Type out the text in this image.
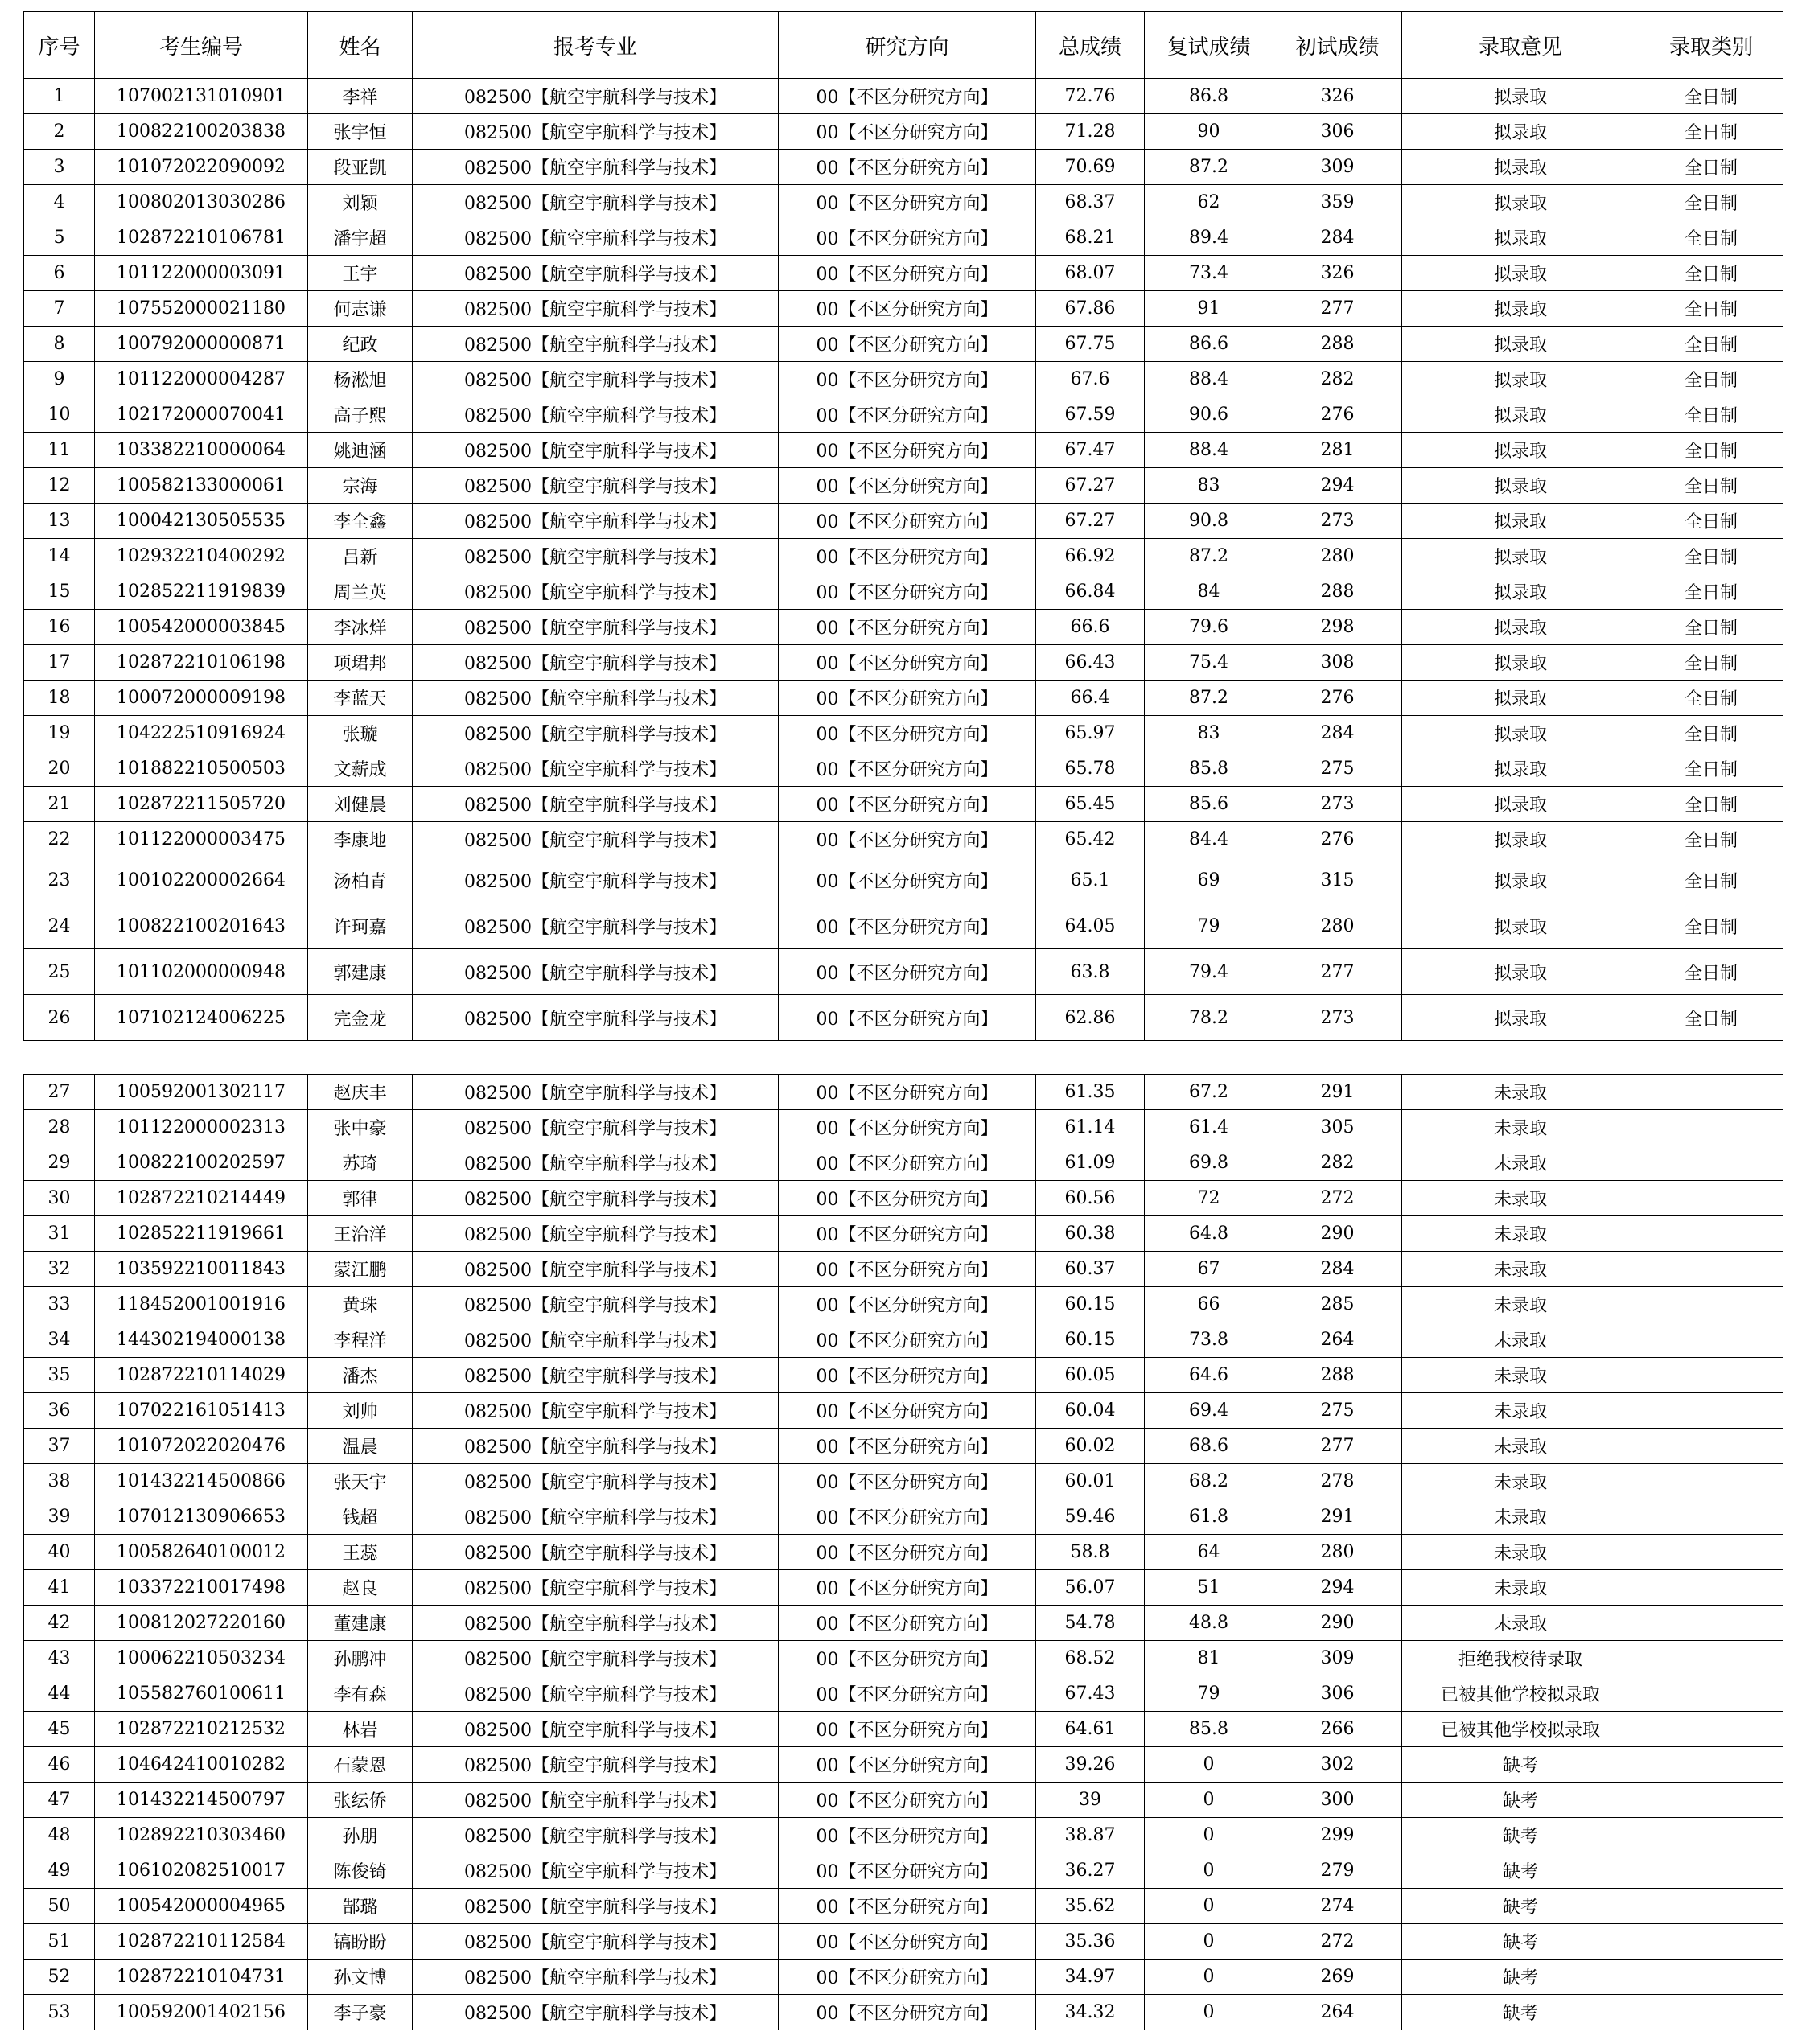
序号	考生编号	姓名	报考专业	研究方向	总成绩	复试成绩	初试成绩	录取意见	录取类别
1	107002131010901	李祥	082500【航空宇航科学与技术】	00【不区分研究方向】	72.76	86.8	326	拟录取	全日制
2	100822100203838	张宇恒	082500【航空宇航科学与技术】	00【不区分研究方向】	71.28	90	306	拟录取	全日制
3	101072022090092	段亚凯	082500【航空宇航科学与技术】	00【不区分研究方向】	70.69	87.2	309	拟录取	全日制
4	100802013030286	刘颖	082500【航空宇航科学与技术】	00【不区分研究方向】	68.37	62	359	拟录取	全日制
5	102872210106781	潘宇超	082500【航空宇航科学与技术】	00【不区分研究方向】	68.21	89.4	284	拟录取	全日制
6	101122000003091	王宇	082500【航空宇航科学与技术】	00【不区分研究方向】	68.07	73.4	326	拟录取	全日制
7	107552000021180	何志谦	082500【航空宇航科学与技术】	00【不区分研究方向】	67.86	91	277	拟录取	全日制
8	100792000000871	纪政	082500【航空宇航科学与技术】	00【不区分研究方向】	67.75	86.6	288	拟录取	全日制
9	101122000004287	杨淞旭	082500【航空宇航科学与技术】	00【不区分研究方向】	67.6	88.4	282	拟录取	全日制
10	102172000070041	高子熙	082500【航空宇航科学与技术】	00【不区分研究方向】	67.59	90.6	276	拟录取	全日制
11	103382210000064	姚迪涵	082500【航空宇航科学与技术】	00【不区分研究方向】	67.47	88.4	281	拟录取	全日制
12	100582133000061	宗海	082500【航空宇航科学与技术】	00【不区分研究方向】	67.27	83	294	拟录取	全日制
13	100042130505535	李全鑫	082500【航空宇航科学与技术】	00【不区分研究方向】	67.27	90.8	273	拟录取	全日制
14	102932210400292	吕新	082500【航空宇航科学与技术】	00【不区分研究方向】	66.92	87.2	280	拟录取	全日制
15	102852211919839	周兰英	082500【航空宇航科学与技术】	00【不区分研究方向】	66.84	84	288	拟录取	全日制
16	100542000003845	李冰烊	082500【航空宇航科学与技术】	00【不区分研究方向】	66.6	79.6	298	拟录取	全日制
17	102872210106198	项珺邦	082500【航空宇航科学与技术】	00【不区分研究方向】	66.43	75.4	308	拟录取	全日制
18	100072000009198	李蓝天	082500【航空宇航科学与技术】	00【不区分研究方向】	66.4	87.2	276	拟录取	全日制
19	104222510916924	张璇	082500【航空宇航科学与技术】	00【不区分研究方向】	65.97	83	284	拟录取	全日制
20	101882210500503	文薪成	082500【航空宇航科学与技术】	00【不区分研究方向】	65.78	85.8	275	拟录取	全日制
21	102872211505720	刘健晨	082500【航空宇航科学与技术】	00【不区分研究方向】	65.45	85.6	273	拟录取	全日制
22	101122000003475	李康地	082500【航空宇航科学与技术】	00【不区分研究方向】	65.42	84.4	276	拟录取	全日制
23	100102200002664	汤柏青	082500【航空宇航科学与技术】	00【不区分研究方向】	65.1	69	315	拟录取	全日制
24	100822100201643	许珂嘉	082500【航空宇航科学与技术】	00【不区分研究方向】	64.05	79	280	拟录取	全日制
25	101102000000948	郭建康	082500【航空宇航科学与技术】	00【不区分研究方向】	63.8	79.4	277	拟录取	全日制
26	107102124006225	完金龙	082500【航空宇航科学与技术】	00【不区分研究方向】	62.86	78.2	273	拟录取	全日制
27	100592001302117	赵庆丰	082500【航空宇航科学与技术】	00【不区分研究方向】	61.35	67.2	291	未录取	
28	101122000002313	张中豪	082500【航空宇航科学与技术】	00【不区分研究方向】	61.14	61.4	305	未录取	
29	100822100202597	苏琦	082500【航空宇航科学与技术】	00【不区分研究方向】	61.09	69.8	282	未录取	
30	102872210214449	郭律	082500【航空宇航科学与技术】	00【不区分研究方向】	60.56	72	272	未录取	
31	102852211919661	王治洋	082500【航空宇航科学与技术】	00【不区分研究方向】	60.38	64.8	290	未录取	
32	103592210011843	蒙江鹏	082500【航空宇航科学与技术】	00【不区分研究方向】	60.37	67	284	未录取	
33	118452001001916	黄珠	082500【航空宇航科学与技术】	00【不区分研究方向】	60.15	66	285	未录取	
34	144302194000138	李程洋	082500【航空宇航科学与技术】	00【不区分研究方向】	60.15	73.8	264	未录取	
35	102872210114029	潘杰	082500【航空宇航科学与技术】	00【不区分研究方向】	60.05	64.6	288	未录取	
36	107022161051413	刘帅	082500【航空宇航科学与技术】	00【不区分研究方向】	60.04	69.4	275	未录取	
37	101072022020476	温晨	082500【航空宇航科学与技术】	00【不区分研究方向】	60.02	68.6	277	未录取	
38	101432214500866	张天宇	082500【航空宇航科学与技术】	00【不区分研究方向】	60.01	68.2	278	未录取	
39	107012130906653	钱超	082500【航空宇航科学与技术】	00【不区分研究方向】	59.46	61.8	291	未录取	
40	100582640100012	王蕊	082500【航空宇航科学与技术】	00【不区分研究方向】	58.8	64	280	未录取	
41	103372210017498	赵良	082500【航空宇航科学与技术】	00【不区分研究方向】	56.07	51	294	未录取	
42	100812027220160	董建康	082500【航空宇航科学与技术】	00【不区分研究方向】	54.78	48.8	290	未录取	
43	100062210503234	孙鹏冲	082500【航空宇航科学与技术】	00【不区分研究方向】	68.52	81	309	拒绝我校待录取	
44	105582760100611	李有森	082500【航空宇航科学与技术】	00【不区分研究方向】	67.43	79	306	已被其他学校拟录取	
45	102872210212532	林岩	082500【航空宇航科学与技术】	00【不区分研究方向】	64.61	85.8	266	已被其他学校拟录取	
46	104642410010282	石蒙恩	082500【航空宇航科学与技术】	00【不区分研究方向】	39.26	0	302	缺考	
47	101432214500797	张纭侨	082500【航空宇航科学与技术】	00【不区分研究方向】	39	0	300	缺考	
48	102892210303460	孙朋	082500【航空宇航科学与技术】	00【不区分研究方向】	38.87	0	299	缺考	
49	106102082510017	陈俊锜	082500【航空宇航科学与技术】	00【不区分研究方向】	36.27	0	279	缺考	
50	100542000004965	郜璐	082500【航空宇航科学与技术】	00【不区分研究方向】	35.62	0	274	缺考	
51	102872210112584	镐盼盼	082500【航空宇航科学与技术】	00【不区分研究方向】	35.36	0	272	缺考	
52	102872210104731	孙文博	082500【航空宇航科学与技术】	00【不区分研究方向】	34.97	0	269	缺考	
53	100592001402156	李子豪	082500【航空宇航科学与技术】	00【不区分研究方向】	34.32	0	264	缺考	
